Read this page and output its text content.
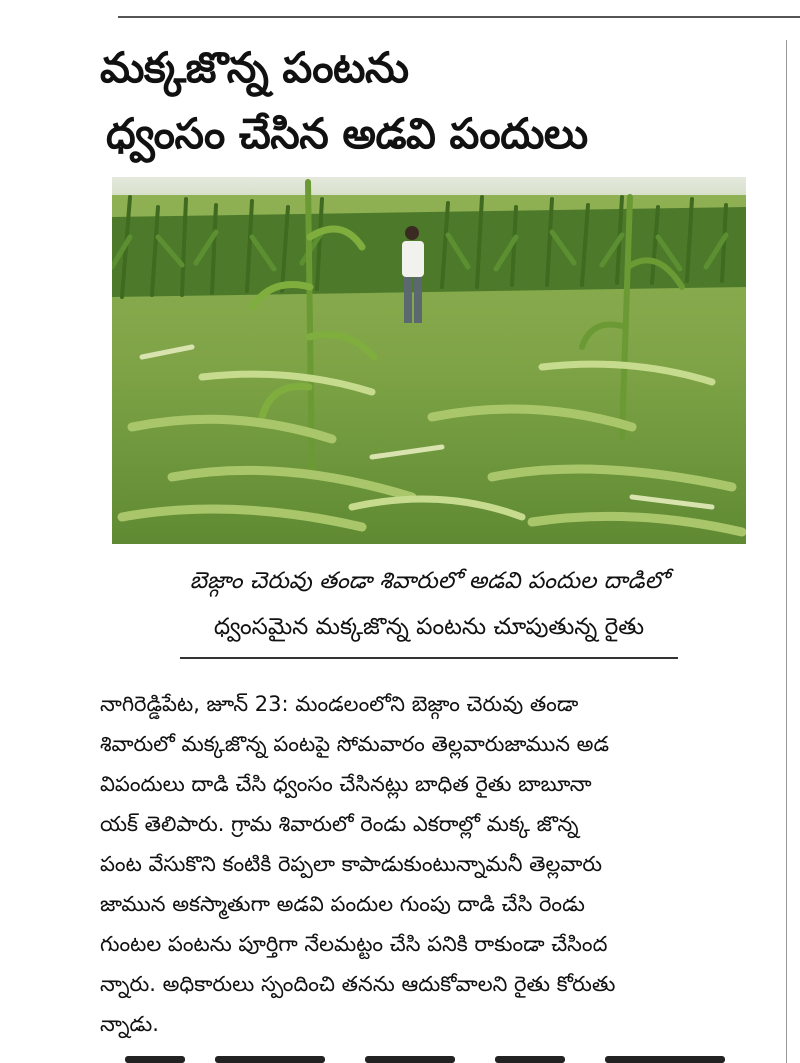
మక్కజొన్న పంటను
ధ్వంసం చేసిన అడవి పందులు
బెజ్గాం చెరువు తండా శివారులో అడవి పందుల దాడిలో
ధ్వంసమైన మక్కజొన్న పంటను చూపుతున్న రైతు
నాగిరెడ్డిపేట, జూన్ 23: మండలంలోని బెజ్గాం చెరువు తండా
శివారులో మక్కజొన్న పంటపై సోమవారం తెల్లవారుజామున అడ
విపందులు దాడి చేసి ధ్వంసం చేసినట్లు బాధిత రైతు బాబూనా
యక్ తెలిపారు. గ్రామ శివారులో రెండు ఎకరాల్లో మక్క జొన్న
పంట వేసుకొని కంటికి రెప్పలా కాపాడుకుంటున్నామనీ తెల్లవారు
జామున అకస్మాతుగా అడవి పందుల గుంపు దాడి చేసి రెండు
గుంటల పంటను పూర్తిగా నేలమట్టం చేసి పనికి రాకుండా చేసింద
న్నారు. అధికారులు స్పందించి తనను ఆదుకోవాలని రైతు కోరుతు
న్నాడు.
